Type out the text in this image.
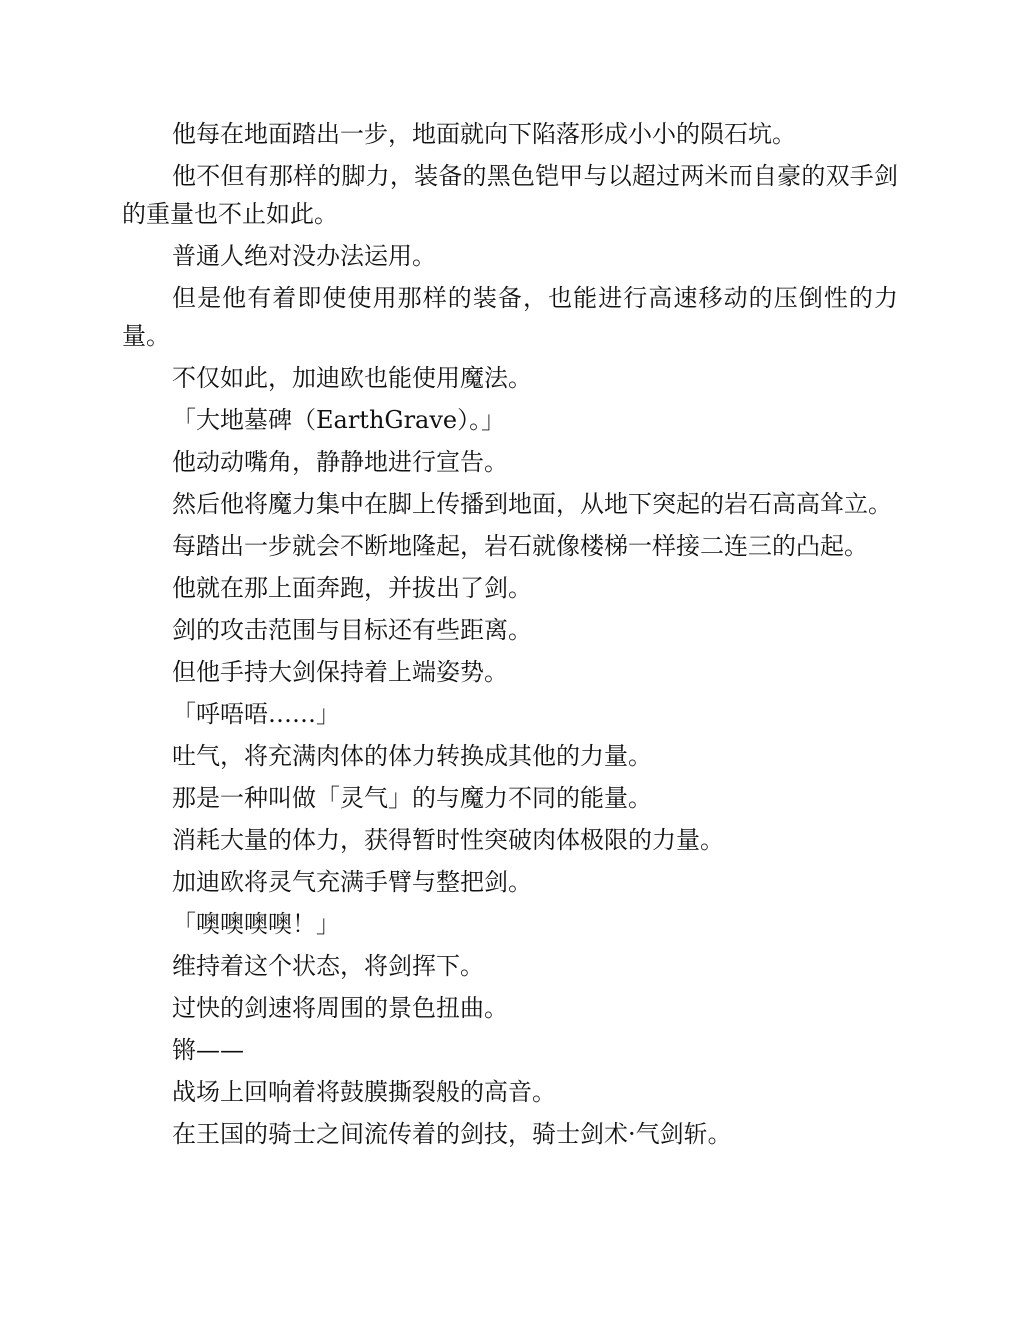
他每在地面踏出一步，地面就向下陷落形成小小的陨石坑。

他不但有那样的脚力，装备的黑色铠甲与以超过两米而自豪的双手剑的重量也不止如此。

普通人绝对没办法运用。

但是他有着即使使用那样的装备，也能进行高速移动的压倒性的力量。

不仅如此，加迪欧也能使用魔法。

「大地墓碑（EarthGrave）。」

他动动嘴角，静静地进行宣告。

然后他将魔力集中在脚上传播到地面，从地下突起的岩石高高耸立。

每踏出一步就会不断地隆起，岩石就像楼梯一样接二连三的凸起。

他就在那上面奔跑，并拔出了剑。

剑的攻击范围与目标还有些距离。

但他手持大剑保持着上端姿势。

「呼唔唔……」

吐气，将充满肉体的体力转换成其他的力量。

那是一种叫做「灵气」的与魔力不同的能量。

消耗大量的体力，获得暂时性突破肉体极限的力量。

加迪欧将灵气充满手臂与整把剑。

「噢噢噢噢！」

维持着这个状态，将剑挥下。

过快的剑速将周围的景色扭曲。

锵——

战场上回响着将鼓膜撕裂般的高音。

在王国的骑士之间流传着的剑技，骑士剑术·气剑斩。
